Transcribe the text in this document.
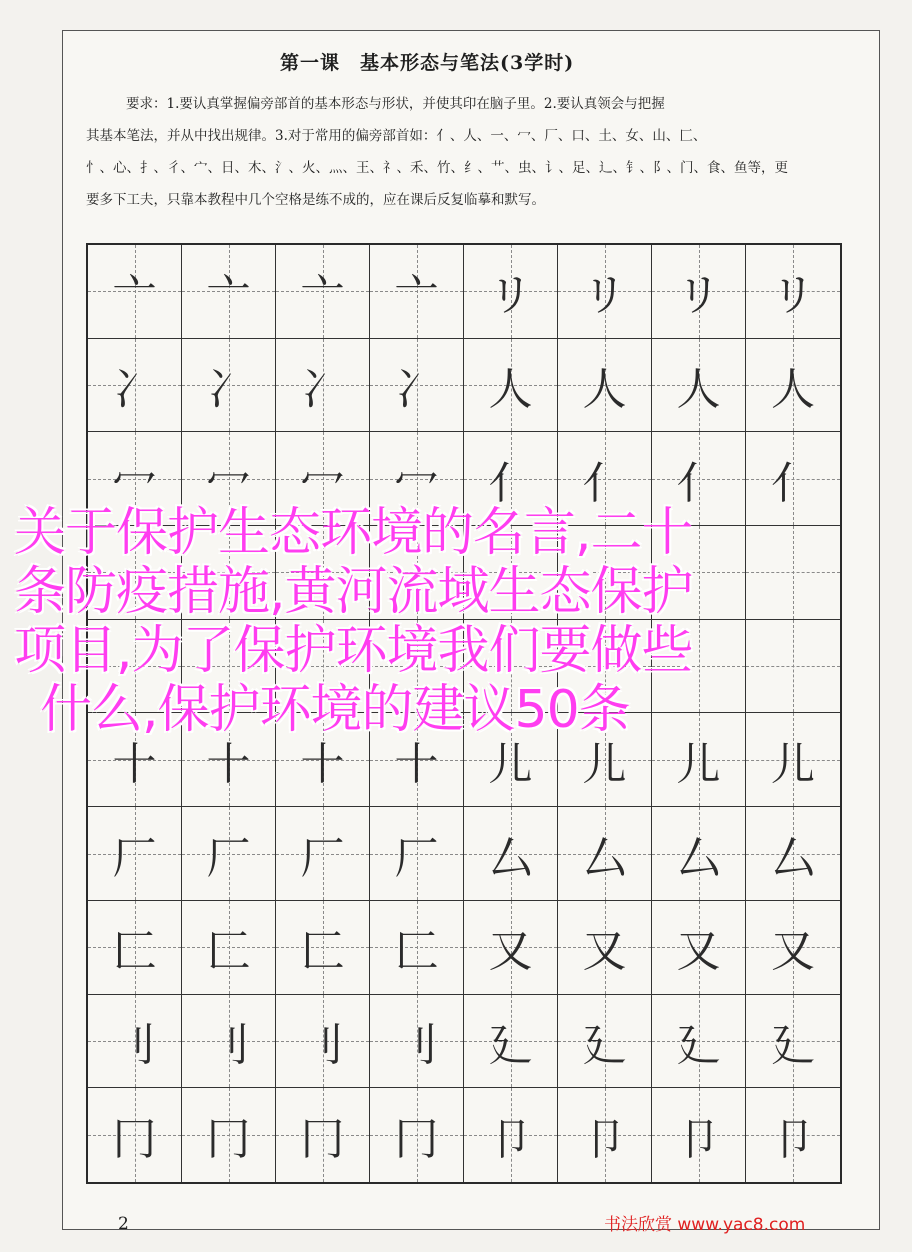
第一课　基本形态与笔法(3学时)

要求：1.要认真掌握偏旁部首的基本形态与形状，并使其印在脑子里。2.要认真领会与把握

其基本笔法，并从中找出规律。3.对于常用的偏旁部首如：亻、人、一、冖、厂、口、土、女、山、匚、

忄、心、扌、彳、宀、日、木、氵、火、灬、王、礻、禾、竹、纟、艹、虫、讠、足、辶、钅、阝、门、食、鱼等，更

要多下工夫，只靠本教程中几个空格是练不成的，应在课后反复临摹和默写。

亠 亠 亠 亠 リ リ リ リ
冫 冫 冫 冫 人 人 人 人
冖 冖 冖 冖 亻 亻 亻 亻
十 十 十 十 儿 儿 儿 儿
厂 厂 厂 厂 厶 厶 厶 厶
匚 匚 匚 匚 又 又 又 又
刂 刂 刂 刂 廴 廴 廴 廴
冂 冂 冂 冂 卩 卩 卩 卩
2
关于保护生态环境的名言,二十
条防疫措施,黄河流域生态保护
项目,为了保护环境我们要做些
什么,保护环境的建议50条
书法欣赏 www.yac8.com
